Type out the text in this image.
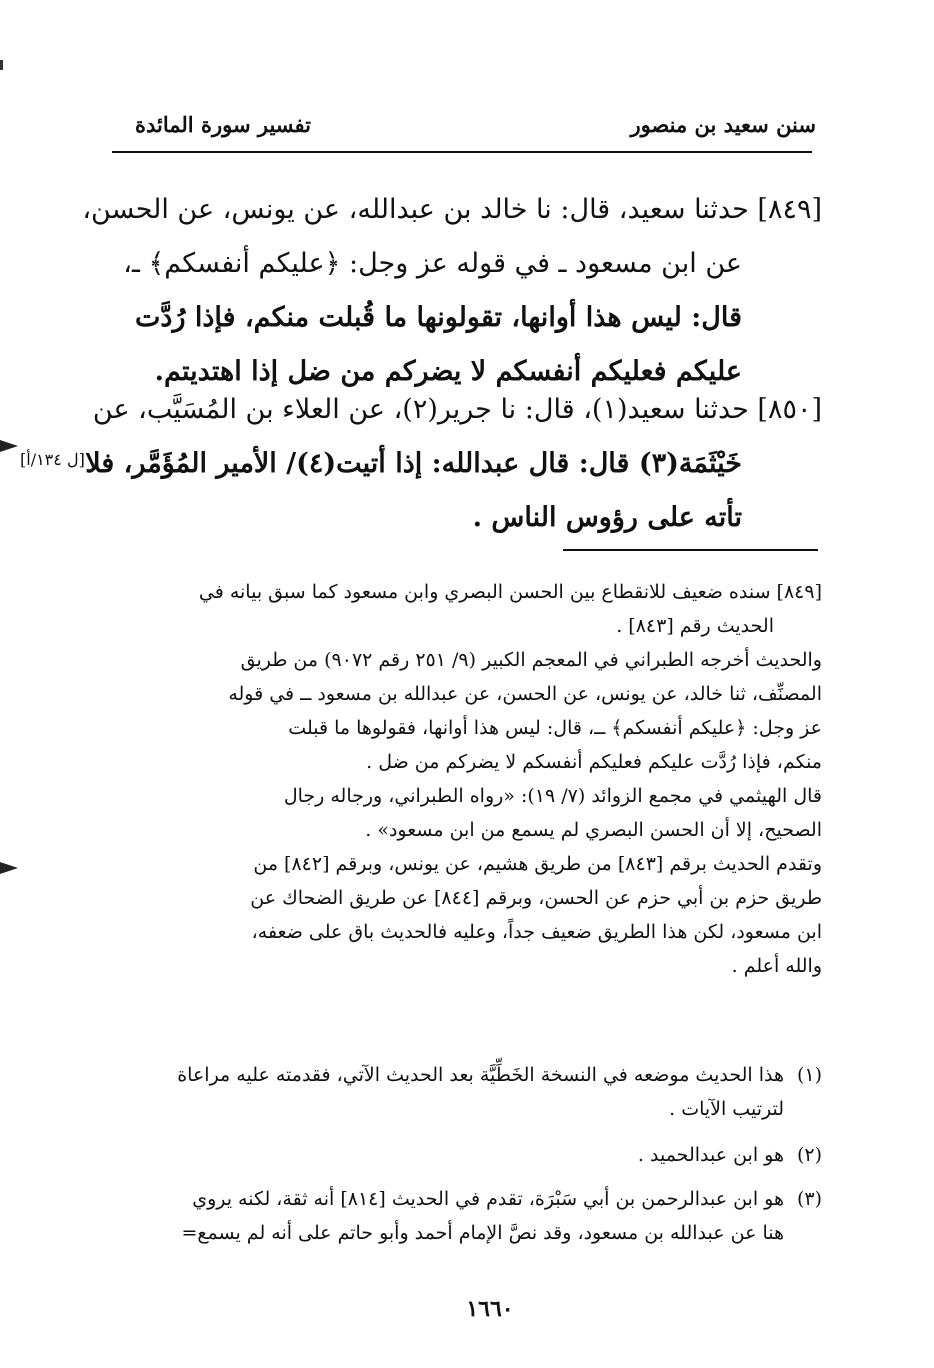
سنن سعيد بن منصور
تفسير سورة المائدة
[٨٤٩] حدثنا سعيد، قال: نا خالد بن عبدالله، عن يونس، عن الحسن،
عن ابن مسعود ـ في قوله عز وجل: ﴿عليكم أنفسكم﴾ ـ،
قال: ليس هذا أوانها، تقولونها ما قُبلت منكم، فإذا رُدَّت
عليكم فعليكم أنفسكم لا يضركم من ضل إذا اهتديتم.
[٨٥٠] حدثنا سعيد(١)، قال: نا جرير(٢)، عن العلاء بن المُسَيَّب، عن
خَيْثَمَة(٣) قال: قال عبدالله: إذا أتيت(٤)/ الأمير المُؤَمَّر، فلا
تأته على رؤوس الناس .
[ل ١٣٤/أ]
[٨٤٩] سنده ضعيف للانقطاع بين الحسن البصري وابن مسعود كما سبق بيانه في
الحديث رقم [٨٤٣] .
والحديث أخرجه الطبراني في المعجم الكبير (٩/ ٢٥١ رقم ٩٠٧٢) من طريق
المصنِّف، ثنا خالد، عن يونس، عن الحسن، عن عبدالله بن مسعود ــ في قوله
عز وجل: ﴿عليكم أنفسكم﴾ ــ، قال: ليس هذا أوانها، فقولوها ما قبلت
منكم، فإذا رُدَّت عليكم فعليكم أنفسكم لا يضركم من ضل .
قال الهيثمي في مجمع الزوائد (٧/ ١٩): «رواه الطبراني، ورجاله رجال
الصحيح، إلا أن الحسن البصري لم يسمع من ابن مسعود» .
وتقدم الحديث برقم [٨٤٣] من طريق هشيم، عن يونس، وبرقم [٨٤٢] من
طريق حزم بن أبي حزم عن الحسن، وبرقم [٨٤٤] عن طريق الضحاك عن
ابن مسعود، لكن هذا الطريق ضعيف جداً، وعليه فالحديث باق على ضعفه،
والله أعلم .
(١)
هذا الحديث موضعه في النسخة الخَطِّيَّة بعد الحديث الآتي، فقدمته عليه مراعاة
لترتيب الآيات .
(٢)
هو ابن عبدالحميد .
(٣)
هو ابن عبدالرحمن بن أبي سَبْرَة، تقدم في الحديث [٨١٤] أنه ثقة، لكنه يروي
هنا عن عبدالله بن مسعود، وقد نصَّ الإمام أحمد وأبو حاتم على أنه لم يسمع=
١٦٦٠
